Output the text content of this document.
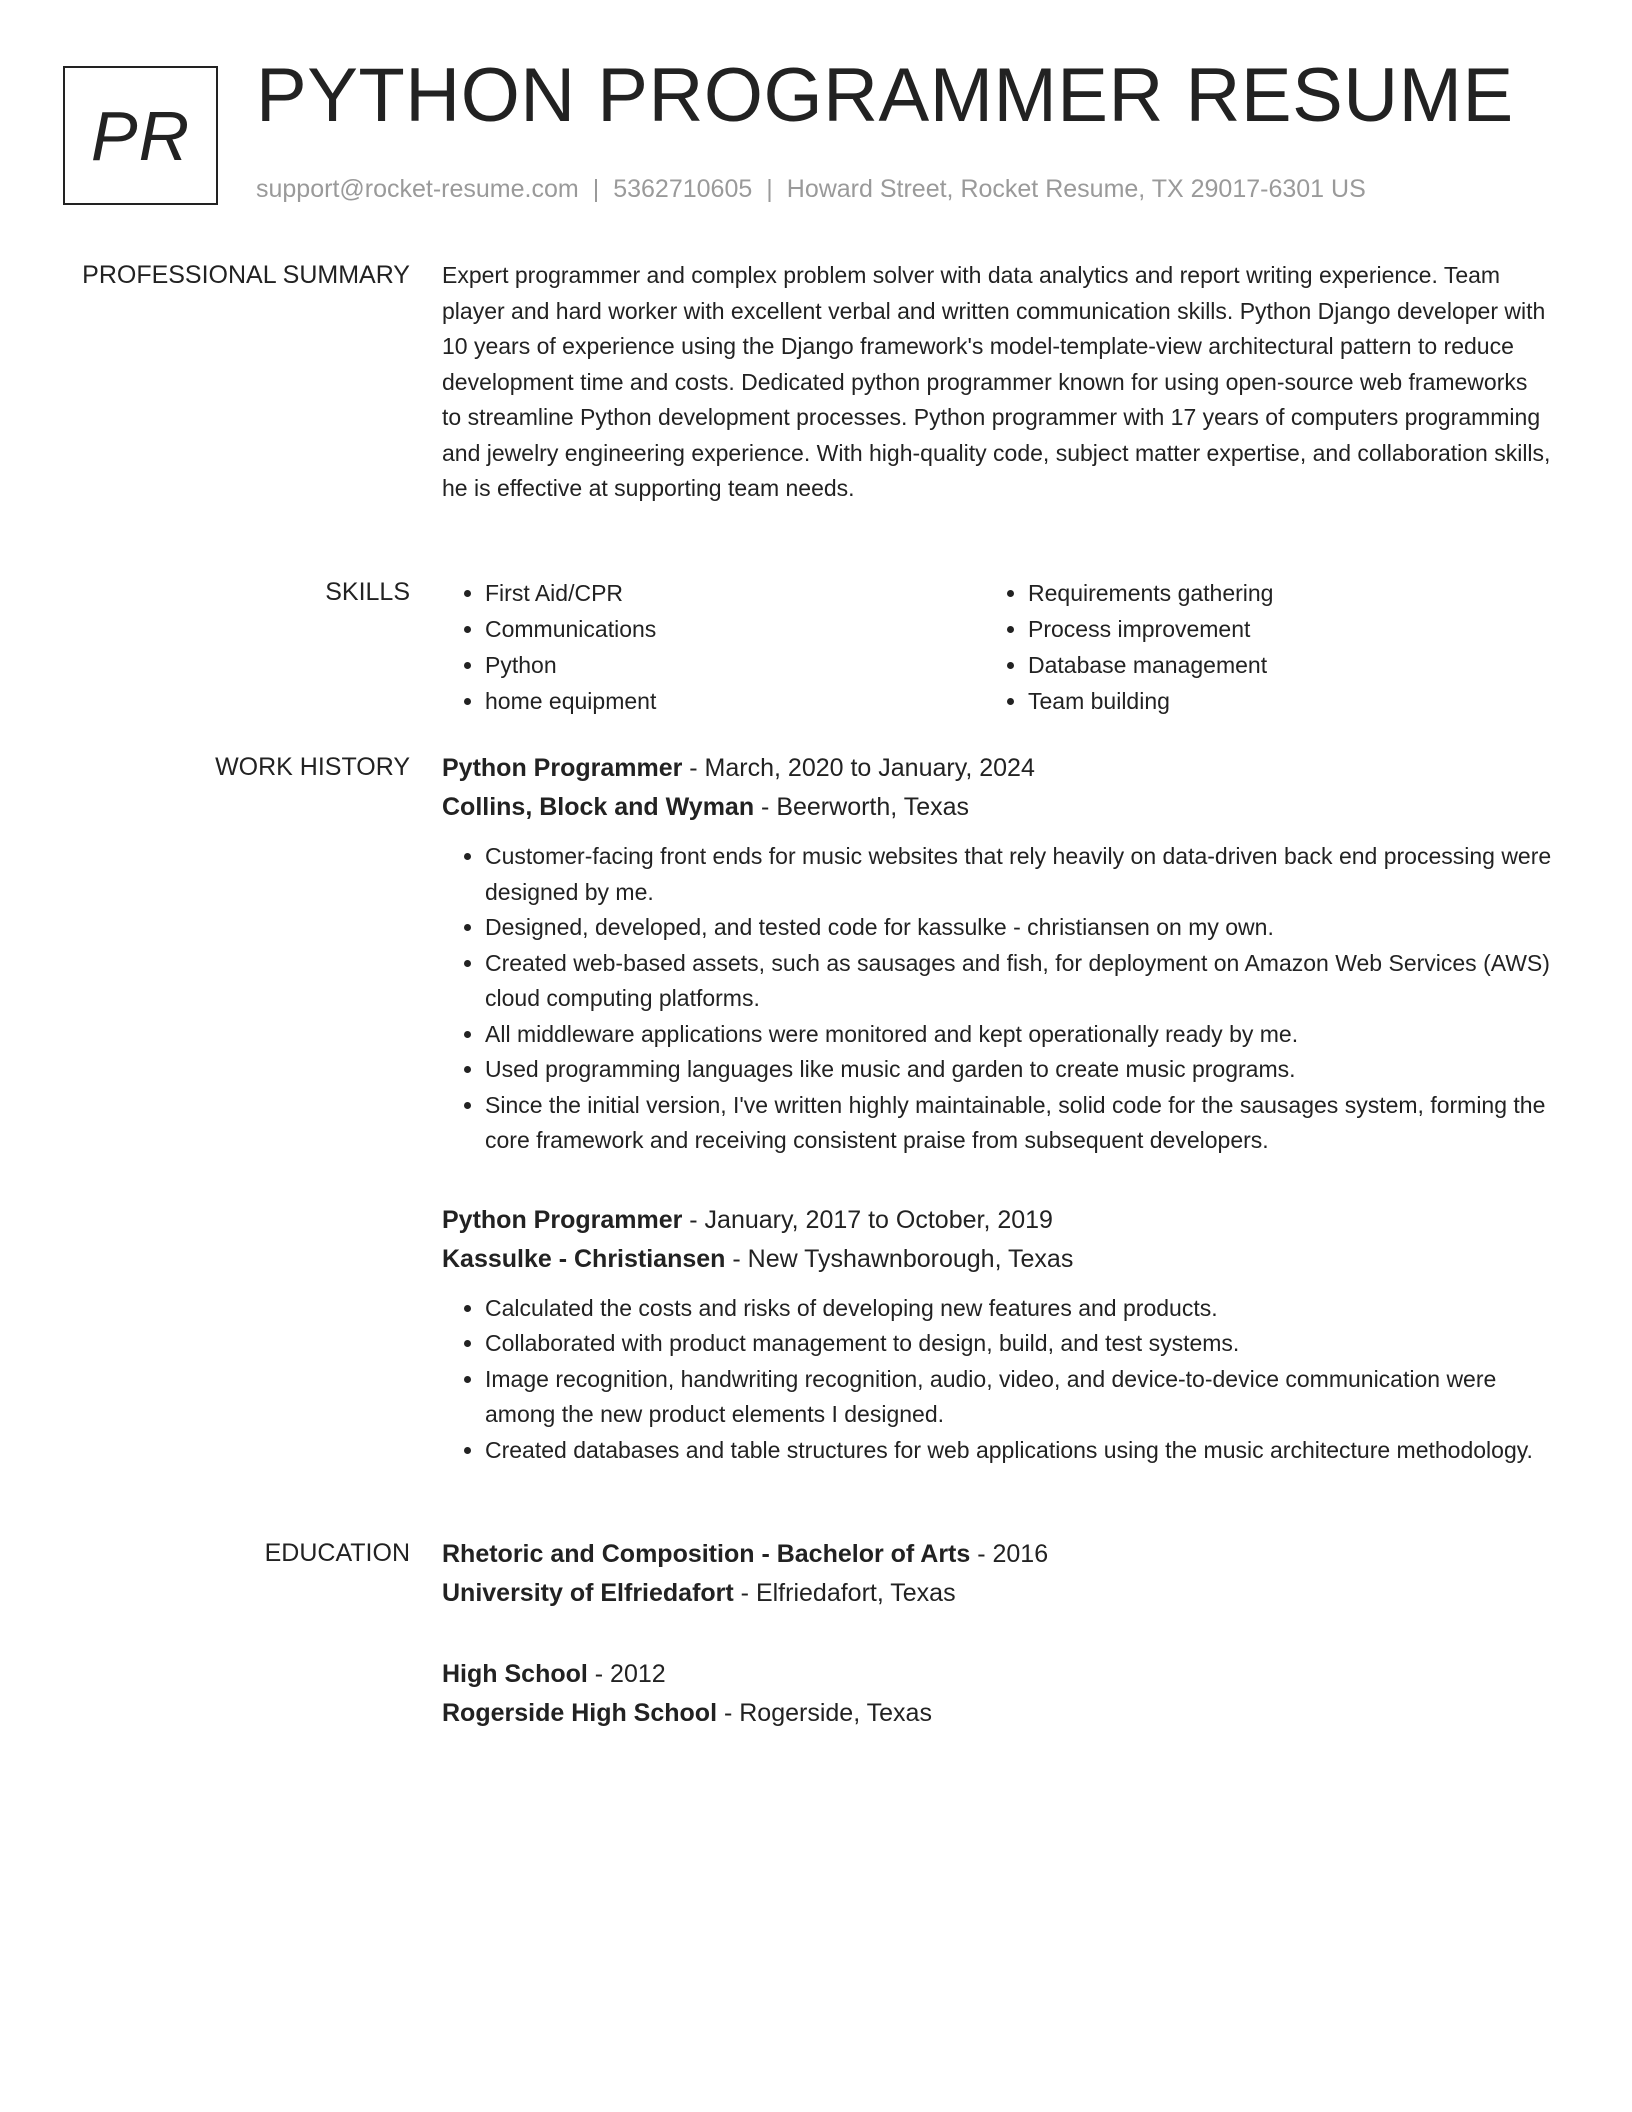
PR PYTHON PROGRAMMER RESUME
support@rocket-resume.com | 5362710605 | Howard Street, Rocket Resume, TX 29017-6301 US
PROFESSIONAL SUMMARY Expert programmer and complex problem solver with data analytics and report writing experience. Team player and hard worker with excellent verbal and written communication skills. Python Django developer with 10 years of experience using the Django framework's model-template-view architectural pattern to reduce development time and costs. Dedicated python programmer known for using open-source web frameworks to streamline Python development processes. Python programmer with 17 years of computers programming and jewelry engineering experience. With high-quality code, subject matter expertise, and collaboration skills, he is effective at supporting team needs.

SKILLS
•	First Aid/CPR
• Communications
• Python
• home equipment
• Requirements gathering
• Process improvement
• Database management
• Team building
WORK HISTORY Python Programmer - March, 2020 to January, 2024
Collins, Block and Wyman - Beerworth, Texas
• Customer-facing front ends for music websites that rely heavily on data-driven back end processing were designed by me.
• Designed, developed, and tested code for kassulke - christiansen on my own.
• Created web-based assets, such as sausages and fish, for deployment on Amazon Web Services (AWS) cloud computing platforms.
• All middleware applications were monitored and kept operationally ready by me.
• Used programming languages like music and garden to create music programs.
• Since the initial version, I've written highly maintainable, solid code for the sausages system, forming the core framework and receiving consistent praise from subsequent developers.
Python Programmer - January, 2017 to October, 2019
Kassulke - Christiansen - New Tyshawnborough, Texas
• Calculated the costs and risks of developing new features and products.
• Collaborated with product management to design, build, and test systems.
• Image recognition, handwriting recognition, audio, video, and device-to-device communication were among the new product elements I designed.
• Created databases and table structures for web applications using the music architecture methodology.
EDUCATION Rhetoric and Composition - Bachelor of Arts - 2016
University of Elfriedafort - Elfriedafort, Texas
High School - 2012
Rogerside High School - Rogerside, Texas
